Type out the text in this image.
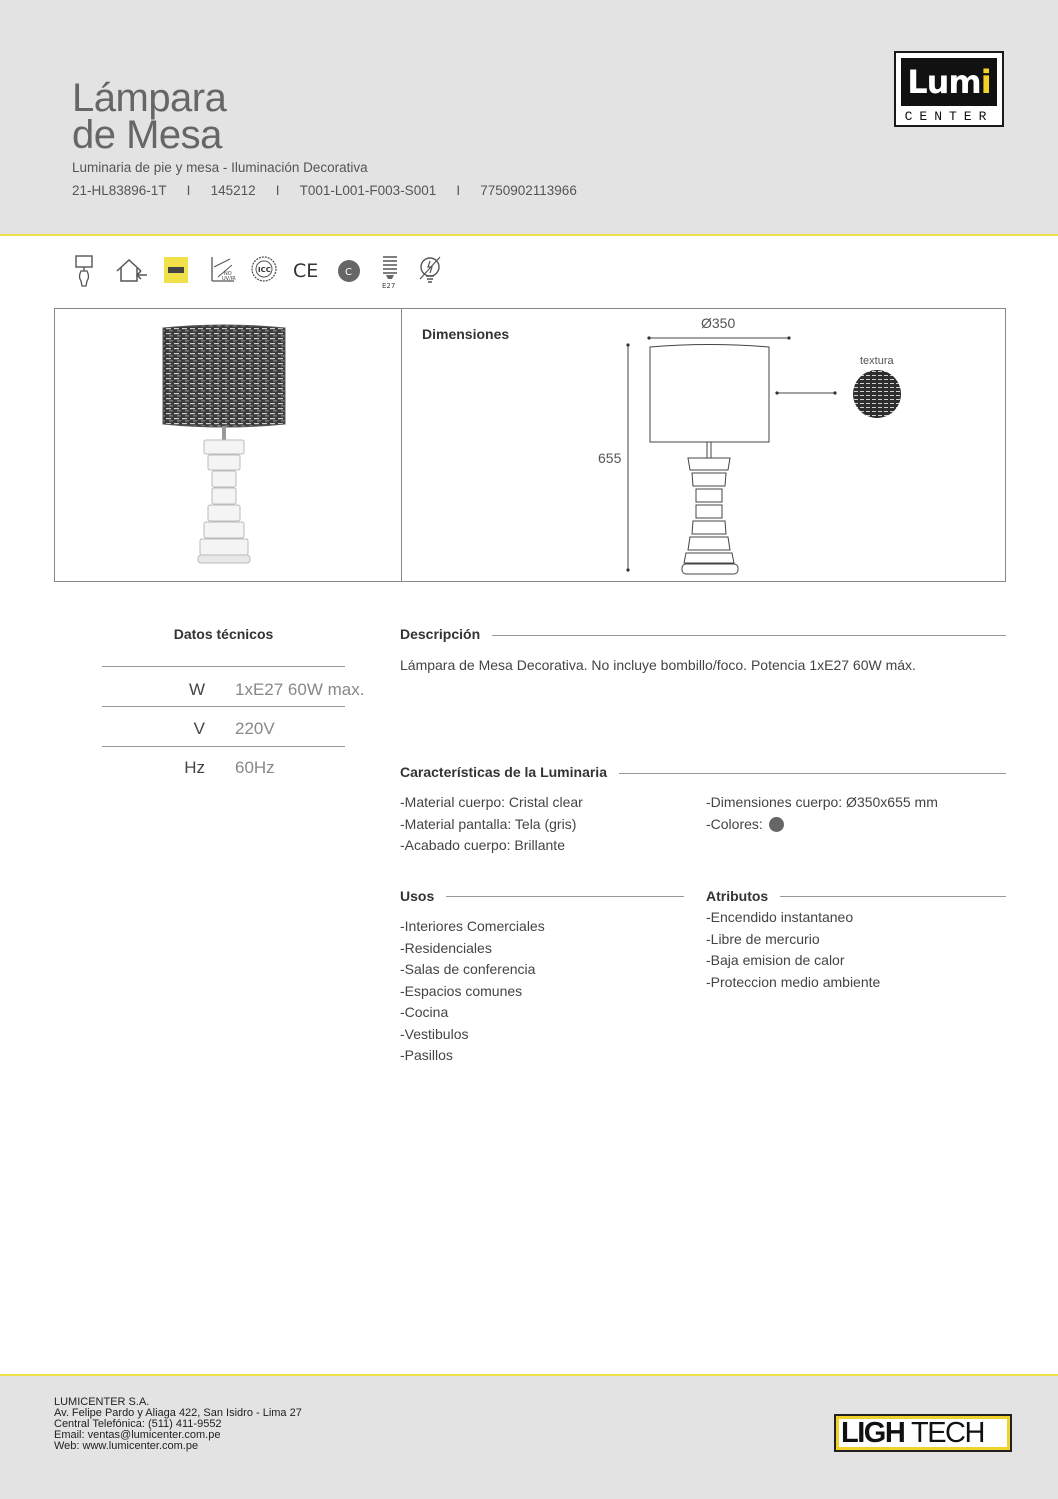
Lámpara
de Mesa
Luminaria de pie y mesa - Iluminación Decorativa
21-HL83896-1T I 145212 I T001-L001-F003-S001 I 7750902113966
Lumi
CENTER
NO
UV/IR
ICC CE	C
E27
Dimensiones
Ø350
655
textura
Datos técnicos
W 1xE27 60W max.
V 220V
Hz 60Hz
Descripción
Lámpara de Mesa Decorativa. No incluye bombillo/foco. Potencia 1xE27 60W máx.
Características de la Luminaria
-Material cuerpo: Cristal clear
-Material pantalla: Tela (gris)
-Acabado cuerpo: Brillante
-Dimensiones cuerpo: Ø350x655 mm
-Colores:
Usos
-Interiores Comerciales
-Residenciales
-Salas de conferencia
-Espacios comunes
-Cocina
-Vestibulos
-Pasillos
Atributos
-Encendido instantaneo
-Libre de mercurio
-Baja emision de calor
-Proteccion medio ambiente
LUMICENTER S.A.
Av. Felipe Pardo y Aliaga 422, San Isidro - Lima 27
Central Telefónica: (511) 411-9552
Email: ventas@lumicenter.com.pe
Web: www.lumicenter.com.pe	LIGH TECH
